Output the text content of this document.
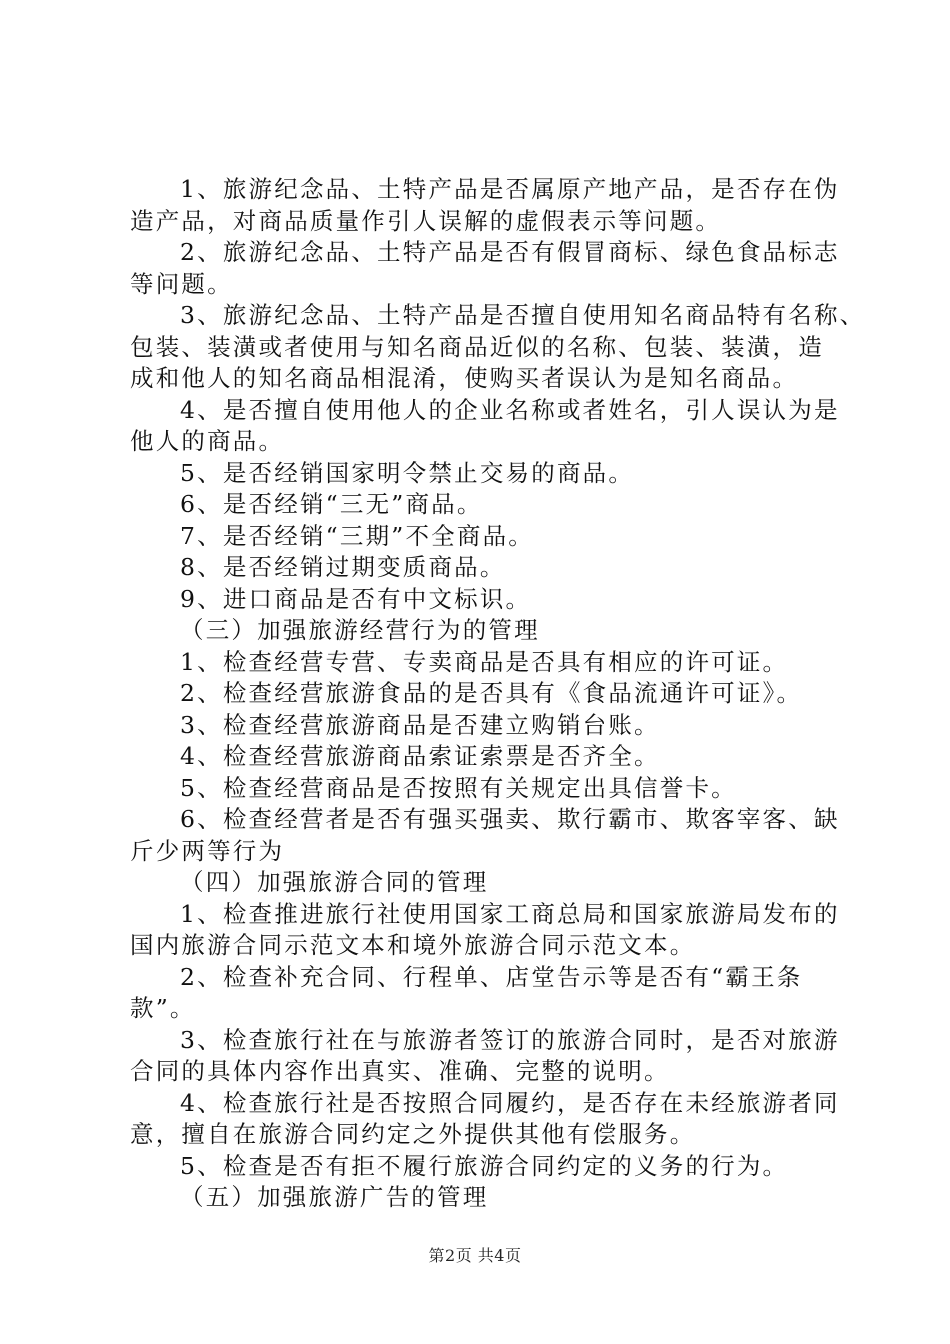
1、旅游纪念品、土特产品是否属原产地产品，是否存在伪
造产品，对商品质量作引人误解的虚假表示等问题。
2、旅游纪念品、土特产品是否有假冒商标、绿色食品标志
等问题。
3、旅游纪念品、土特产品是否擅自使用知名商品特有名称、
包装、装潢或者使用与知名商品近似的名称、包装、装潢，造
成和他人的知名商品相混淆，使购买者误认为是知名商品。
4、是否擅自使用他人的企业名称或者姓名，引人误认为是
他人的商品。
5、是否经销国家明令禁止交易的商品。
6、是否经销“三无”商品。
7、是否经销“三期”不全商品。
8、是否经销过期变质商品。
9、进口商品是否有中文标识。
（三）加强旅游经营行为的管理
1、检查经营专营、专卖商品是否具有相应的许可证。
2、检查经营旅游食品的是否具有《食品流通许可证》。
3、检查经营旅游商品是否建立购销台账。
4、检查经营旅游商品索证索票是否齐全。
5、检查经营商品是否按照有关规定出具信誉卡。
6、检查经营者是否有强买强卖、欺行霸市、欺客宰客、缺
斤少两等行为
（四）加强旅游合同的管理
1、检查推进旅行社使用国家工商总局和国家旅游局发布的
国内旅游合同示范文本和境外旅游合同示范文本。
2、检查补充合同、行程单、店堂告示等是否有“霸王条
款”。
3、检查旅行社在与旅游者签订的旅游合同时，是否对旅游
合同的具体内容作出真实、准确、完整的说明。
4、检查旅行社是否按照合同履约，是否存在未经旅游者同
意，擅自在旅游合同约定之外提供其他有偿服务。
5、检查是否有拒不履行旅游合同约定的义务的行为。
（五）加强旅游广告的管理
第2页 共4页
